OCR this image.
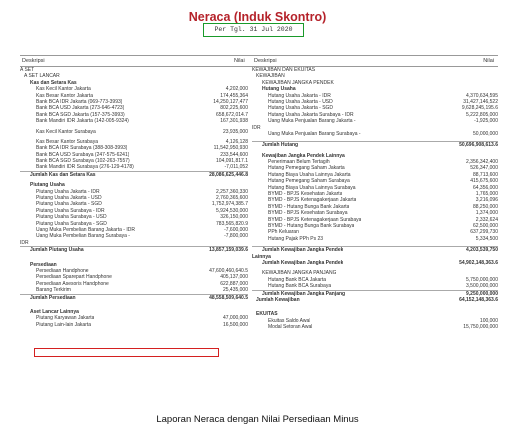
Neraca (Induk Skontro)
Per Tgl. 31 Jul 2020
Deskripsi	Nilai Deskripsi	Nilai
A SET
A SET LANCAR
Kas dan Setara Kas
Kas Kecil Kantor Jakarta	4,202,000
Kas Besar Kantor Jakarta	174,455,364
Bank BCA IDR Jakarta (069-773-3993)	14,250,127,477
Bank BCA USD Jakarta (273-646-4723)	802,225,600
Bank BCA SGD Jakarta (157-375-3993)	658,672,014.7
Bank Mandiri IDR Jakarta (142-005-9324)	167,301,938
Kas Kecil Kantor Surabaya	23,935,000
Kas Besar Kantor Surabaya	4,126,128
Bank BCA IDR Surabaya (388-308-3993)	11,542,950,930
Bank BCA USD Surabaya (247-575-6241)	233,544,600
Bank BCA SGD Surabaya (102-263-7557)	104,091,817.1
Bank Mandiri IDR Surabaya (276-129-4178)	-7,011,052
Jumlah Kas dan Setara Kas	28,086,625,446.8
Piutang Usaha
Piutang Usaha Jakarta - IDR	2,257,360,330
Piutang Usaha Jakarta - USD	2,760,365,600
Piutang Usaha Jakarta - SGD	1,752,974,385.7
Piutang Usaha Surabaya - IDR	5,924,530,000
Piutang Usaha Surabaya - USD	326,150,000
Piutang Usaha Surabaya - SGD	783,565,820.9
Uang Muka Pembelian Barang Jakarta - IDR	-7,600,000
Uang Muka Pembelian Barang Surabaya -	-7,800,000
IDR
Jumlah Piutang Usaha	13,857,159,039.6
Persediaan
Persediaan Handphone	47,600,460,640.5
Persediaan Sparepart Handphone	405,137,000
Persediaan Asesoris Handphone	622,887,000
Barang Terkirim	25,435,000
Jumlah Persediaan	48,558,509,640.5
Aset Lancar Lainnya
Piutang Karyawan Jakarta	47,000,000
Piutang Lain-lain Jakarta	16,500,000
KEWAJIBAN DAN EKUITAS
KEWAJIBAN
KEWAJIBAN JANGKA PENDEK
Hutang Usaha
Hutang Usaha Jakarta - IDR	4,370,634,595
Hutang Usaha Jakarta - USD	31,427,146,522
Hutang Usaha Jakarta - SGD	9,628,245,195.6
Hutang Usaha Jakarta Surabaya - IDR	5,222,805,000
Uang Muka Penjualan Barang Jakarta -	-1,925,000
IDR
Uang Muka Penjualan Barang Surabaya -	50,000,000
Jumlah Hutang	50,696,908,613.6
Kewajiban Jangka Pendek Lainnya
Penerimaan Belum Tertagih	2,356,342,400
Hutang Pemegang Saham Jakarta	526,347,000
Hutang Biaya Usaha Lainnya Jakarta	88,713,600
Hutang Pemegang Saham Surabaya	415,675,600
Hutang Biaya Usaha Lainnya Surabaya	64,356,000
BYMD - BPJS Kesehatan Jakarta	1,765,000
BYMD - BPJS Ketenagakerjaan Jakarta	3,216,096
BYMD - Hutang Bunga Bank Jakarta	88,250,000
BYMD - BPJS Kesehatan Surabaya	1,374,000
BYMD - BPJS Ketenagakerjaan Surabaya	2,332,624
BYMD - Hutang Bunga Bank Surabaya	62,500,000
PPh Keluaran	637,299,730
Hutang Pajak PPh Ps 23	5,334,500
Jumlah Kewajiban Jangka Pendek	4,203,539,750
Lainnya
Jumlah Kewajiban Jangka Pendek	54,902,148,363.6
KEWAJIBAN JANGKA PANJANG
Hutang Bank BCA Jakarta	5,750,000,000
Hutang Bank BCA Surabaya	3,500,000,000
Jumlah Kewajiban Jangka Panjang	9,250,000,000
Jumlah Kewajiban	64,152,148,363.6
EKUITAS
Ekuitas Saldo Awal	100,000
Modal Setoran Awal	15,750,000,000
Laporan Neraca dengan Nilai Persediaan Minus
